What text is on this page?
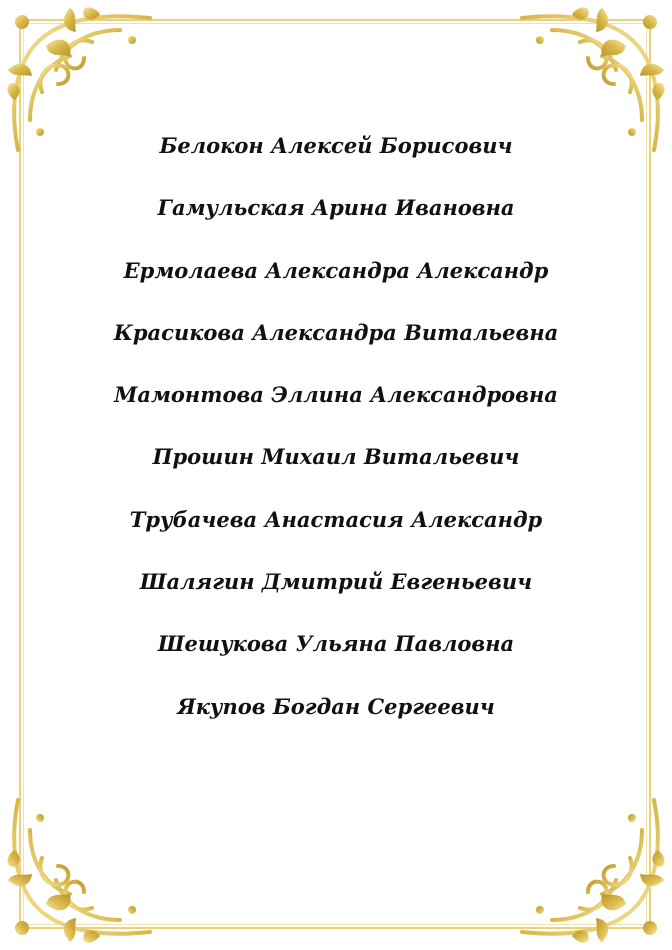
Белокон Алексей Борисович
Гамульская Арина Ивановна
Ермолаева Александра Александр
Красикова Александра Витальевна
Мамонтова Эллина Александровна
Прошин Михаил Витальевич
Трубачева Анастасия Александр
Шалягин Дмитрий Евгеньевич
Шешукова Ульяна Павловна
Якупов Богдан Сергеевич
